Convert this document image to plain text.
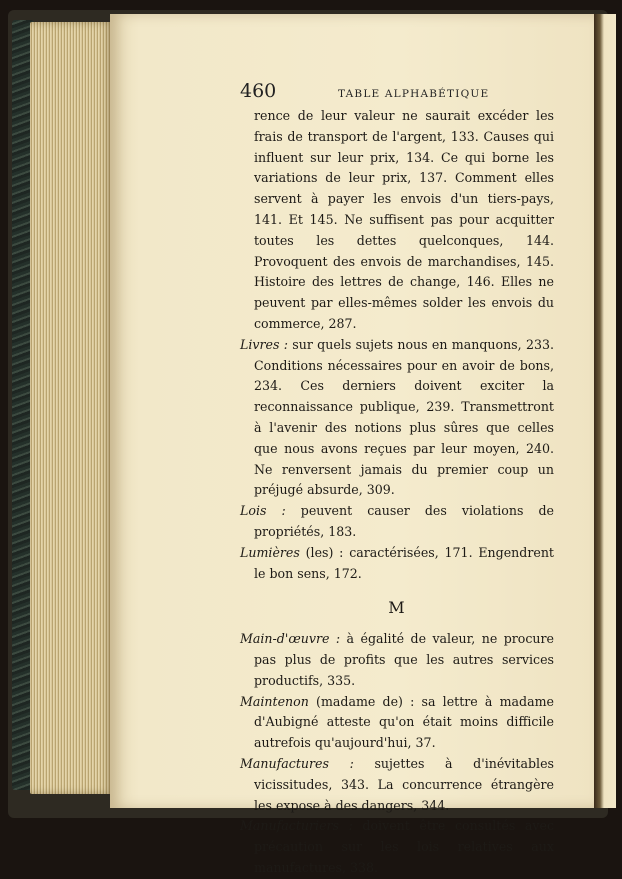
460	TABLE ALPHABÉTIQUE

rence de leur valeur ne saurait excéder les frais de transport de l'argent, 133. Causes qui influent sur leur prix, 134. Ce qui borne les variations de leur prix, 137. Comment elles servent à payer les envois d'un tiers-pays, 141. Et 145. Ne suffisent pas pour acquitter toutes les dettes quelconques, 144. Provoquent des envois de marchandises, 145. Histoire des lettres de change, 146. Elles ne peuvent par elles-mêmes solder les envois du commerce, 287.

Livres : sur quels sujets nous en manquons, 233. Conditions nécessaires pour en avoir de bons, 234. Ces derniers doivent exciter la reconnaissance publique, 239. Transmettront à l'avenir des notions plus sûres que celles que nous avons reçues par leur moyen, 240. Ne renversent jamais du premier coup un préjugé absurde, 309.

Lois : peuvent causer des violations de propriétés, 183.

Lumières (les) : caractérisées, 171. Engendrent le bon sens, 172.

M

Main-d'œuvre : à égalité de valeur, ne procure pas plus de profits que les autres services productifs, 335.

Maintenon (madame de) : sa lettre à madame d'Aubigné atteste qu'on était moins difficile autrefois qu'aujourd'hui, 37.

Manufactures : sujettes à d'inévitables vicissitudes, 343. La concurrence étrangère les expose à des dangers, 344.

Manufacturiers : doivent être consultés avec précaution sur les lois relatives aux manufactures, 338.
